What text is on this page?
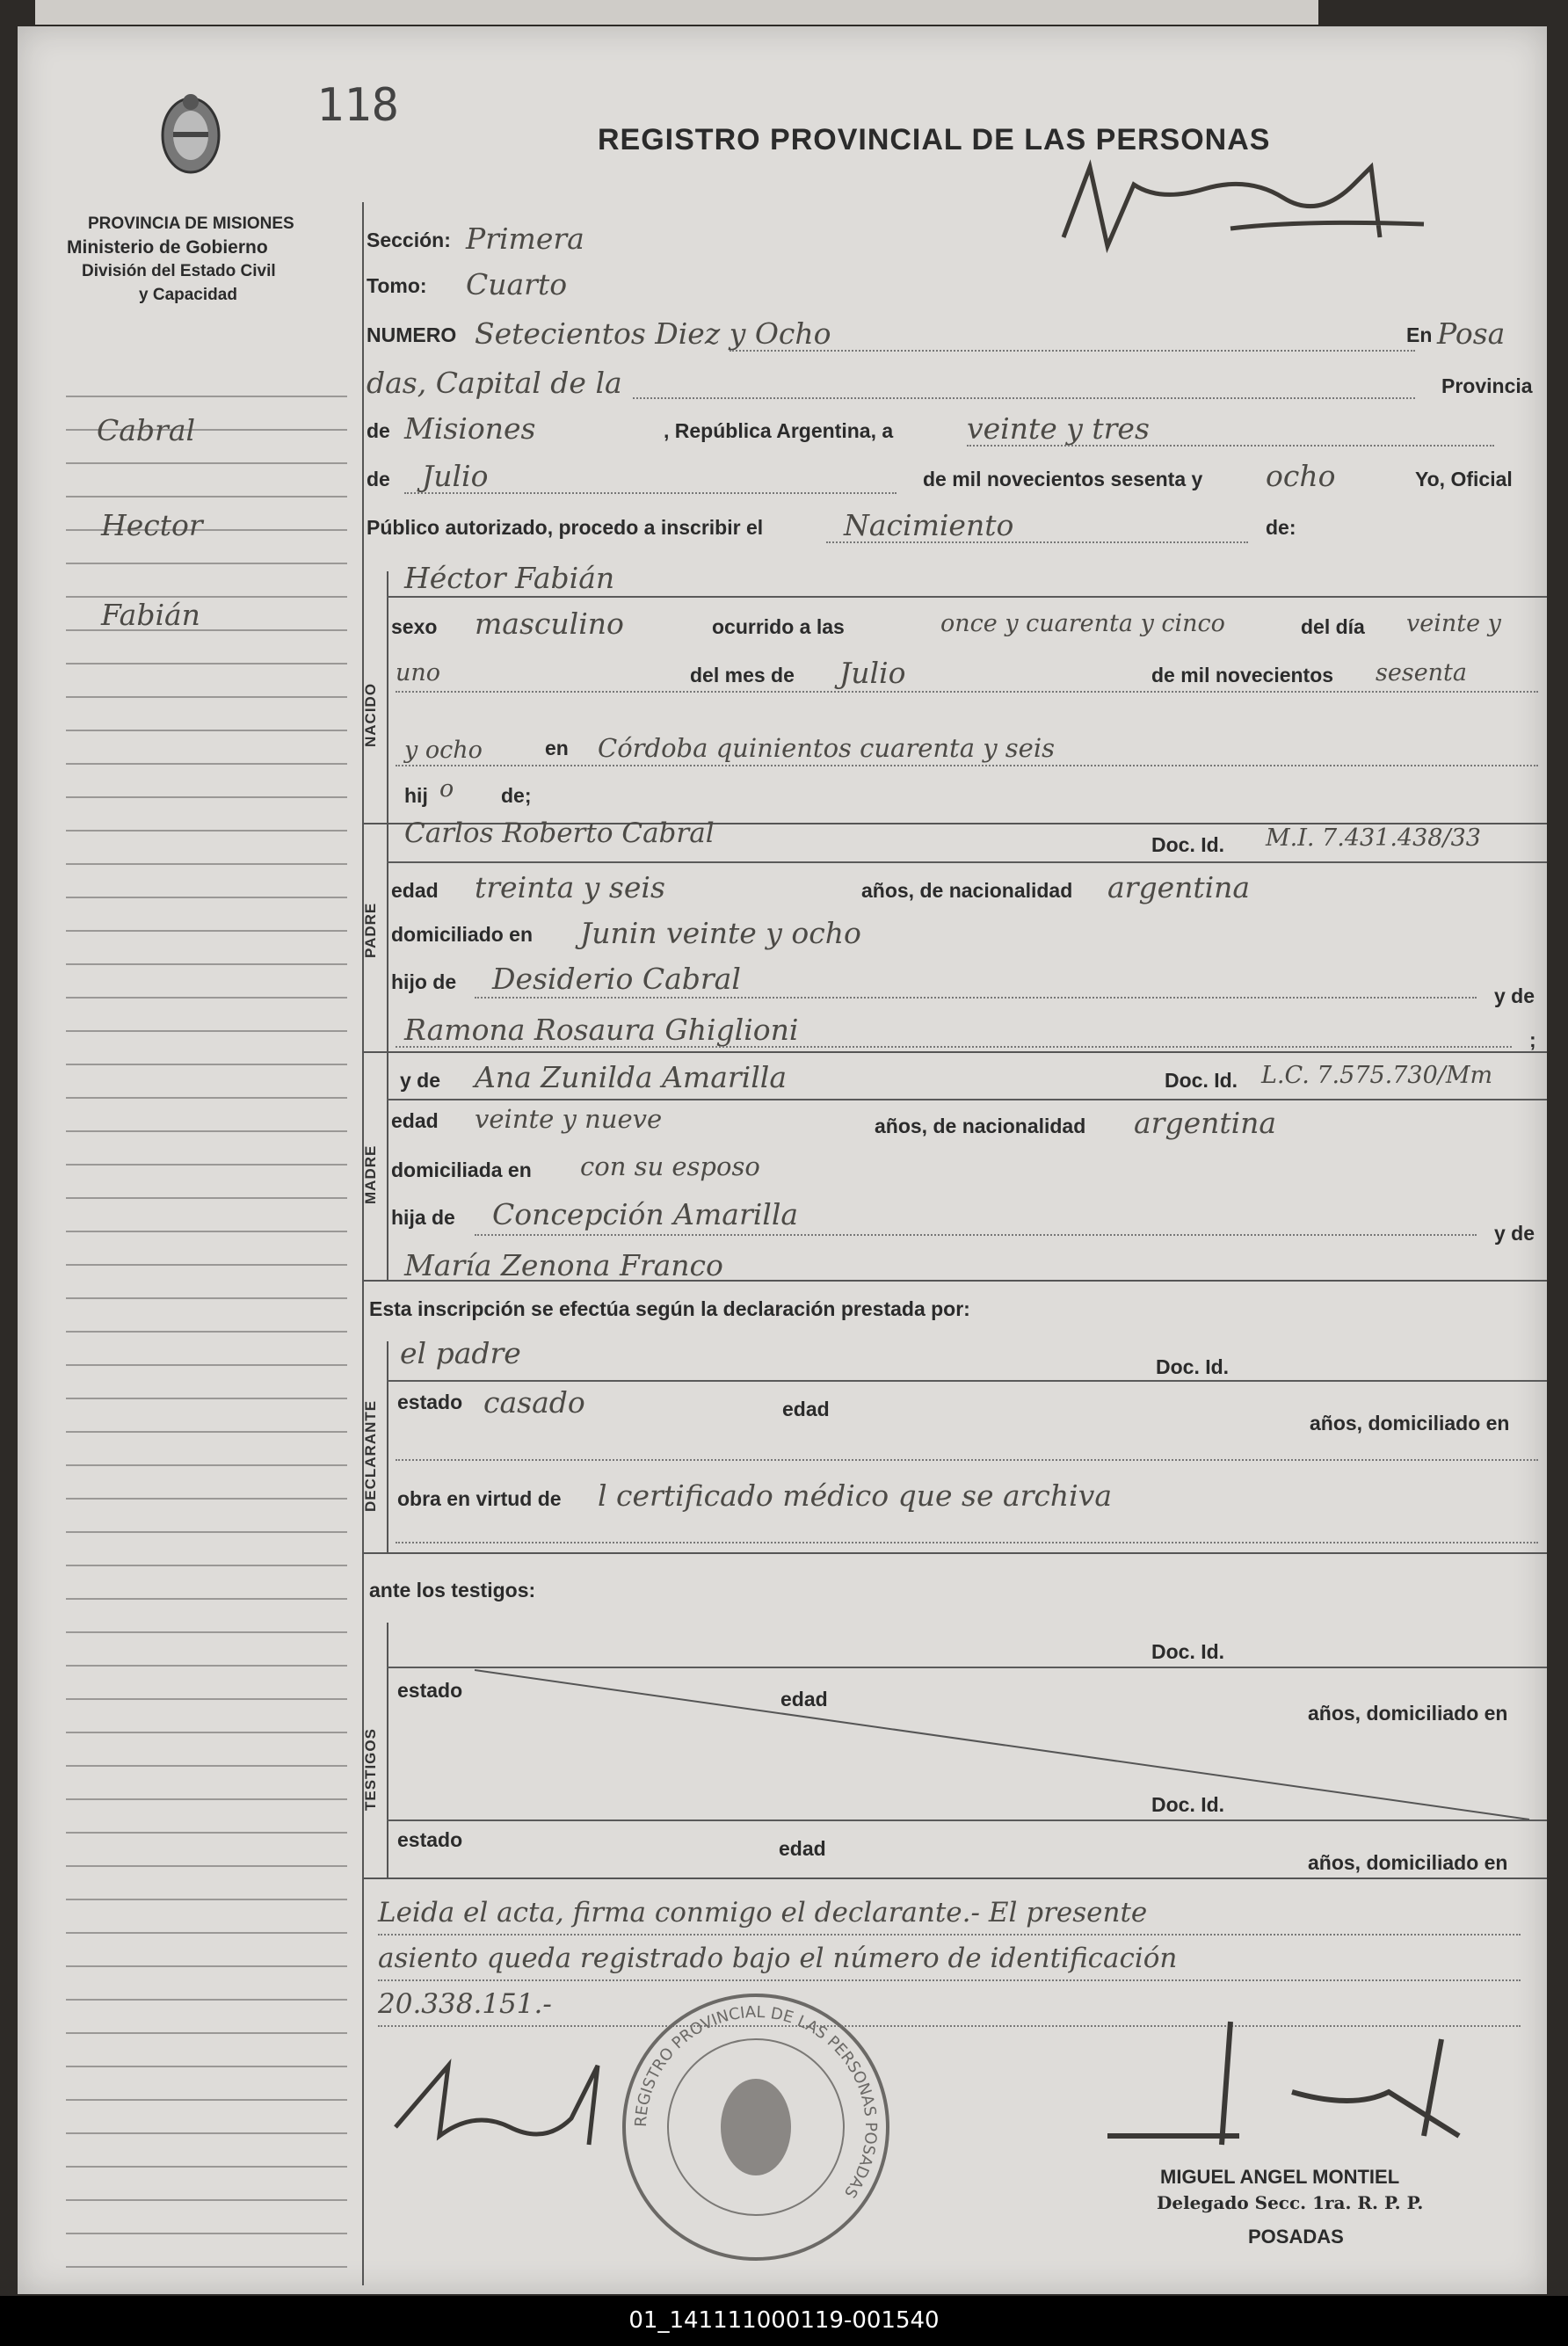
PROVINCIA DE MISIONES
Ministerio de Gobierno
División del Estado Civil
y Capacidad
118
REGISTRO PROVINCIAL DE LAS PERSONAS
Cabral
Hector
Fabián
Sección: Primera
Tomo: Cuarto
NUMERO Setecientos Diez y Ocho	En Posa
das, Capital de la	Provincia
de Misiones	, República Argentina, a	veinte y tres
de Julio	de mil novecientos sesenta y ocho	Yo, Oficial
Público autorizado, procedo a inscribir el	Nacimiento	de:
NACIDO
Héctor Fabián
sexo masculino	ocurrido a las	once y cuarenta y cinco	del día veinte y
uno	del mes de Julio	de mil novecientos sesenta
y ocho	en Córdoba quinientos cuarenta y seis
hij o de;
PADRE
Carlos Roberto Cabral	Doc. Id. M.I. 7.431.438/33
edad treinta y seis	años, de nacionalidad argentina
domiciliado en Junin veinte y ocho
hijo de Desiderio Cabral	y de
Ramona Rosaura Ghiglioni	;
MADRE
y de Ana Zunilda Amarilla	Doc. Id. L.C. 7.575.730/Mm
edad veinte y nueve	años, de nacionalidad argentina
domiciliada en con su esposo
hija de Concepción Amarilla
y de
María Zenona Franco
Esta inscripción se efectúa según la declaración prestada por:
DECLARANTE
el padre	Doc. Id.
estado casado	edad
años, domiciliado en
obra en virtud de l certificado médico que se archiva
ante los testigos:
TESTIGOS
Doc. Id.
estado	edad
años, domiciliado en
Doc. Id.
estado	edad
años, domiciliado en
Leida el acta, firma conmigo el declarante.- El presente
asiento queda registrado bajo el número de identificación
20.338.151.-
REGISTRO PROVINCIAL DE LAS PERSONAS POSADAS
Flah
MIGUEL ANGEL MONTIEL
Delegado Secc. 1ra. R. P. P.
POSADAS
01_141111000119-001540
